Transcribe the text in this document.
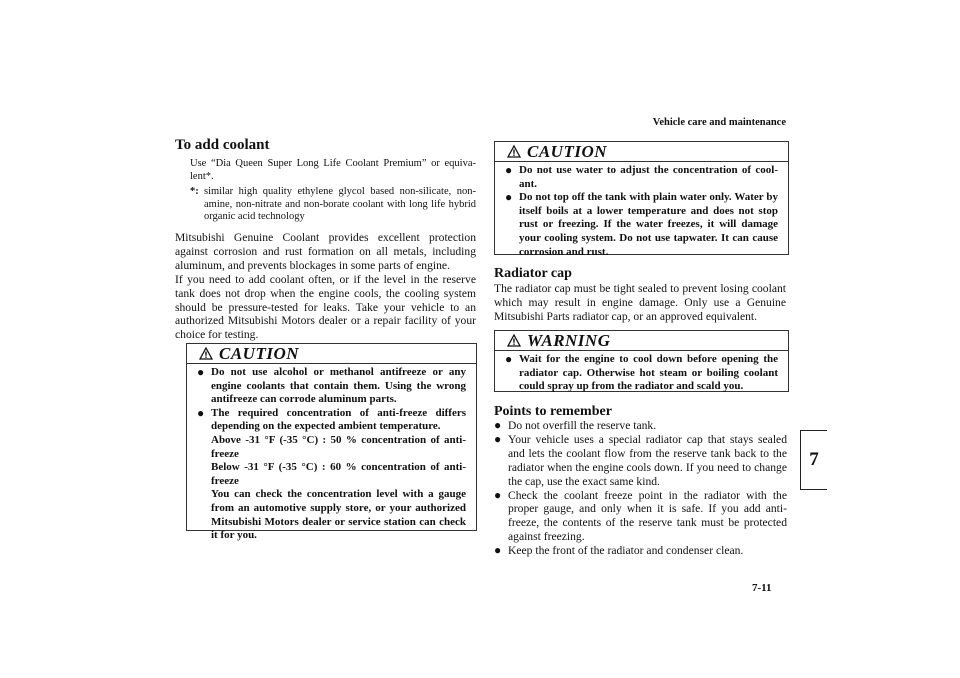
Vehicle care and maintenance
7
7-11
To add coolant
Use “Dia Queen Super Long Life Coolant Premium” or equiva-lent*.
*: similar high quality ethylene glycol based non-silicate, non-amine, non-nitrate and non-borate coolant with long life hybrid organic acid technology
Mitsubishi Genuine Coolant provides excellent protection against corrosion and rust formation on all metals, including aluminum, and prevents blockages in some parts of engine.
If you need to add coolant often, or if the level in the reserve tank does not drop when the engine cools, the cooling system should be pressure-tested for leaks. Take your vehicle to an authorized Mitsubishi Motors dealer or a repair facility of your choice for testing.
CAUTION
● Do not use alcohol or methanol antifreeze or any engine coolants that contain them. Using the wrong antifreeze can corrode aluminum parts.
● The required concentration of anti-freeze differs depending on the expected ambient temperature.
Above -31 °F (-35 °C) : 50 % concentration of anti-freeze
Below -31 °F (-35 °C) : 60 % concentration of anti-freeze
You can check the concentration level with a gauge from an automotive supply store, or your authorized Mitsubishi Motors dealer or service station can check it for you.
CAUTION
● Do not use water to adjust the concentration of cool-ant.
● Do not top off the tank with plain water only. Water by itself boils at a lower temperature and does not stop rust or freezing. If the water freezes, it will damage your cooling system. Do not use tapwater. It can cause corrosion and rust.
Radiator cap
The radiator cap must be tight sealed to prevent losing coolant which may result in engine damage. Only use a Genuine Mitsubishi Parts radiator cap, or an approved equivalent.
WARNING
● Wait for the engine to cool down before opening the radiator cap. Otherwise hot steam or boiling coolant could spray up from the radiator and scald you.
Points to remember
● Do not overfill the reserve tank.
● Your vehicle uses a special radiator cap that stays sealed and lets the coolant flow from the reserve tank back to the radiator when the engine cools down. If you need to change the cap, use the exact same kind.
● Check the coolant freeze point in the radiator with the proper gauge, and only when it is safe. If you add anti-freeze, the contents of the reserve tank must be protected against freezing.
● Keep the front of the radiator and condenser clean.
